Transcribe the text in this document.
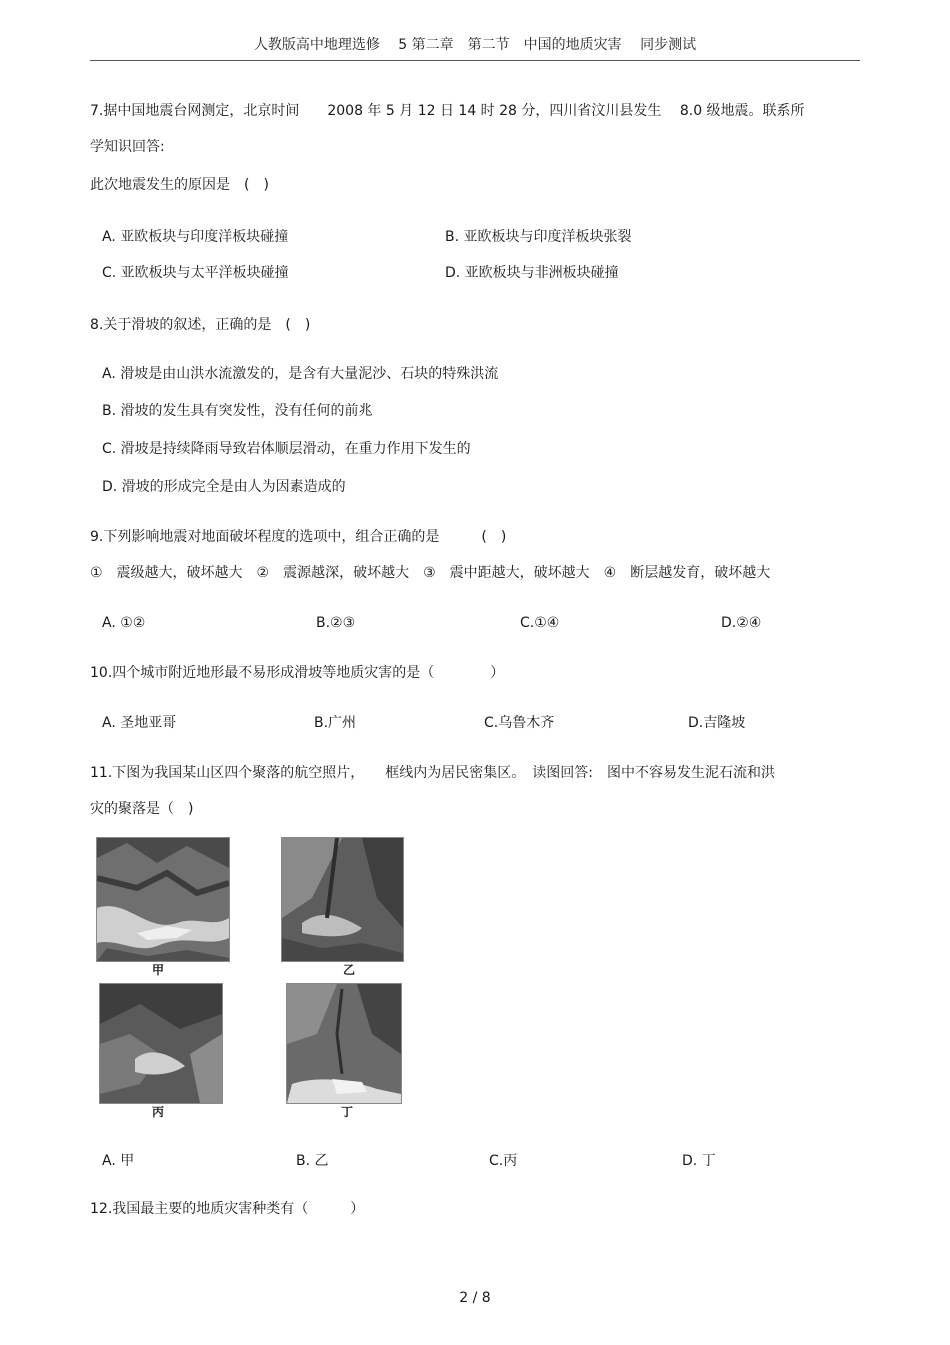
人教版高中地理选修　 5 第二章　第二节　中国的地质灾害　 同步测试
7.据中国地震台网测定，北京时间　　2008 年 5 月 12 日 14 时 28 分，四川省汶川县发生　 8.0 级地震。联系所
学知识回答:
此次地震发生的原因是　(　)
A. 亚欧板块与印度洋板块碰撞	B. 亚欧板块与印度洋板块张裂
C. 亚欧板块与太平洋板块碰撞	D. 亚欧板块与非洲板块碰撞
8.关于滑坡的叙述，正确的是　(　)
A. 滑坡是由山洪水流激发的，是含有大量泥沙、石块的特殊洪流
B. 滑坡的发生具有突发性，没有任何的前兆
C. 滑坡是持续降雨导致岩体顺层滑动，在重力作用下发生的
D. 滑坡的形成完全是由人为因素造成的
9.下列影响地震对地面破坏程度的选项中，组合正确的是　　　(　)
①　震级越大，破坏越大　②　震源越深，破坏越大　③　震中距越大，破坏越大　④　断层越发育，破坏越大
A. ①②	B.②③	C.①④	D.②④
10.四个城市附近地形最不易形成滑坡等地质灾害的是（　　　　）
A. 圣地亚哥	B.广州	C.乌鲁木齐	D.吉隆坡
11.下图为我国某山区四个聚落的航空照片，　　框线内为居民密集区。　读图回答:　图中不容易发生泥石流和洪
灾的聚落是（　)
甲	乙
丙	丁
A. 甲	B. 乙	C.丙	D. 丁
12.我国最主要的地质灾害种类有（　　　）
2 / 8
